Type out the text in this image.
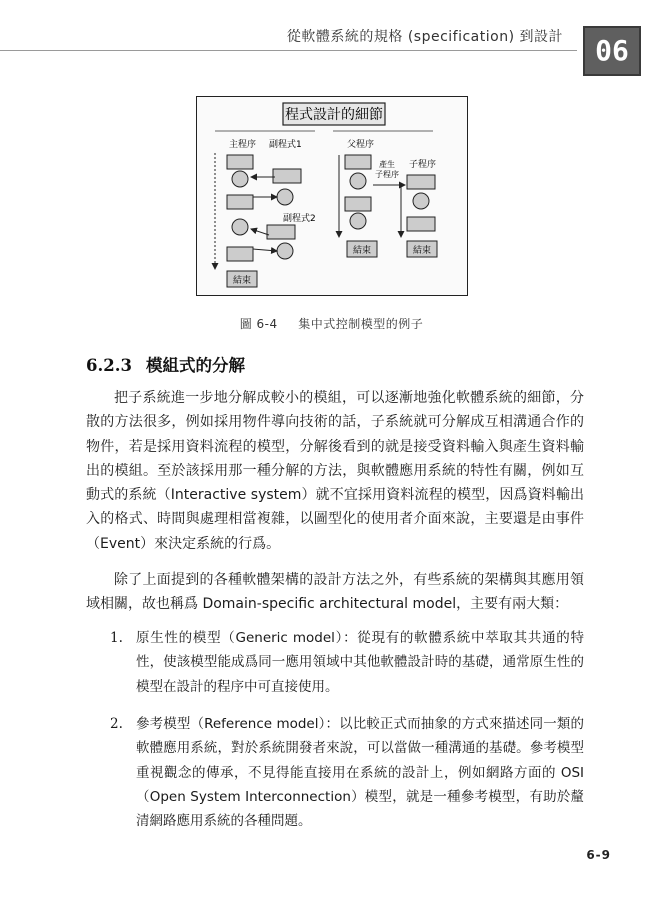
從軟體系統的規格 (specification) 到設計	06
程式設計的細節
主程序 副程式1
副程式2
結束
父程序
產生
子程序
子程序
結束	結束
圖 6-4 集中式控制模型的例子
6.2.3 模組式的分解

把子系統進一步地分解成較小的模組，可以逐漸地強化軟體系統的細節，分散的方法很多，例如採用物件導向技術的話，子系統就可分解成互相溝通合作的物件，若是採用資料流程的模型，分解後看到的就是接受資料輸入與產生資料輸出的模組。至於該採用那一種分解的方法，與軟體應用系統的特性有關，例如互動式的系統（Interactive system）就不宜採用資料流程的模型，因爲資料輸出入的格式、時間與處理相當複雜，以圖型化的使用者介面來說，主要還是由事件（Event）來決定系統的行爲。

除了上面提到的各種軟體架構的設計方法之外，有些系統的架構與其應用領域相關，故也稱爲 Domain-specific architectural model，主要有兩大類：

1. 原生性的模型（Generic model）：從現有的軟體系統中萃取其共通的特性，使該模型能成爲同一應用領域中其他軟體設計時的基礎，通常原生性的模型在設計的程序中可直接使用。

2. 參考模型（Reference model）：以比較正式而抽象的方式來描述同一類的軟體應用系統，對於系統開發者來說，可以當做一種溝通的基礎。參考模型重視觀念的傳承，不見得能直接用在系統的設計上，例如網路方面的 OSI（Open System Interconnection）模型，就是一種參考模型，有助於釐清網路應用系統的各種問題。

6-9
